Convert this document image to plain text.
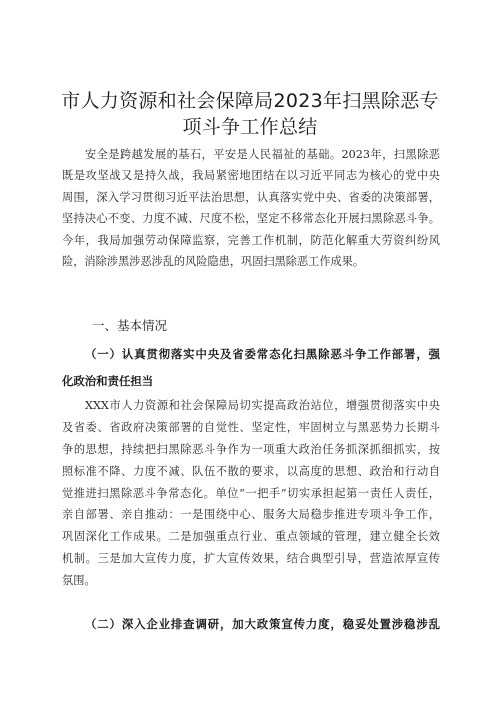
市人力资源和社会保障局2023年扫黑除恶专
项斗争工作总结
安全是跨越发展的基石，平安是人民福祉的基础。2023年，扫黑除恶
既是攻坚战又是持久战，我局紧密地团结在以习近平同志为核心的党中央
周围，深入学习贯彻习近平法治思想，认真落实党中央、省委的决策部署，
坚持决心不变、力度不减、尺度不松，坚定不移常态化开展扫黑除恶斗争。
今年，我局加强劳动保障监察，完善工作机制，防范化解重大劳资纠纷风
险，消除涉黑涉恶涉乱的风险隐患，巩固扫黑除恶工作成果。
一、基本情况
（一）认真贯彻落实中央及省委常态化扫黑除恶斗争工作部署，强
化政治和责任担当
XXX市人力资源和社会保障局切实提高政治站位，增强贯彻落实中央
及省委、省政府决策部署的自觉性、坚定性，牢固树立与黑恶势力长期斗
争的思想，持续把扫黑除恶斗争作为一项重大政治任务抓深抓细抓实，按
照标准不降、力度不减、队伍不散的要求，以高度的思想、政治和行动自
觉推进扫黑除恶斗争常态化。单位“一把手”切实承担起第一责任人责任，
亲自部署、亲自推动：一是围绕中心、服务大局稳步推进专项斗争工作，
巩固深化工作成果。二是加强重点行业、重点领域的管理，建立健全长效
机制。三是加大宣传力度，扩大宣传效果，结合典型引导，营造浓厚宣传
氛围。
（二）深入企业排查调研，加大政策宣传力度，稳妥处置涉稳涉乱
